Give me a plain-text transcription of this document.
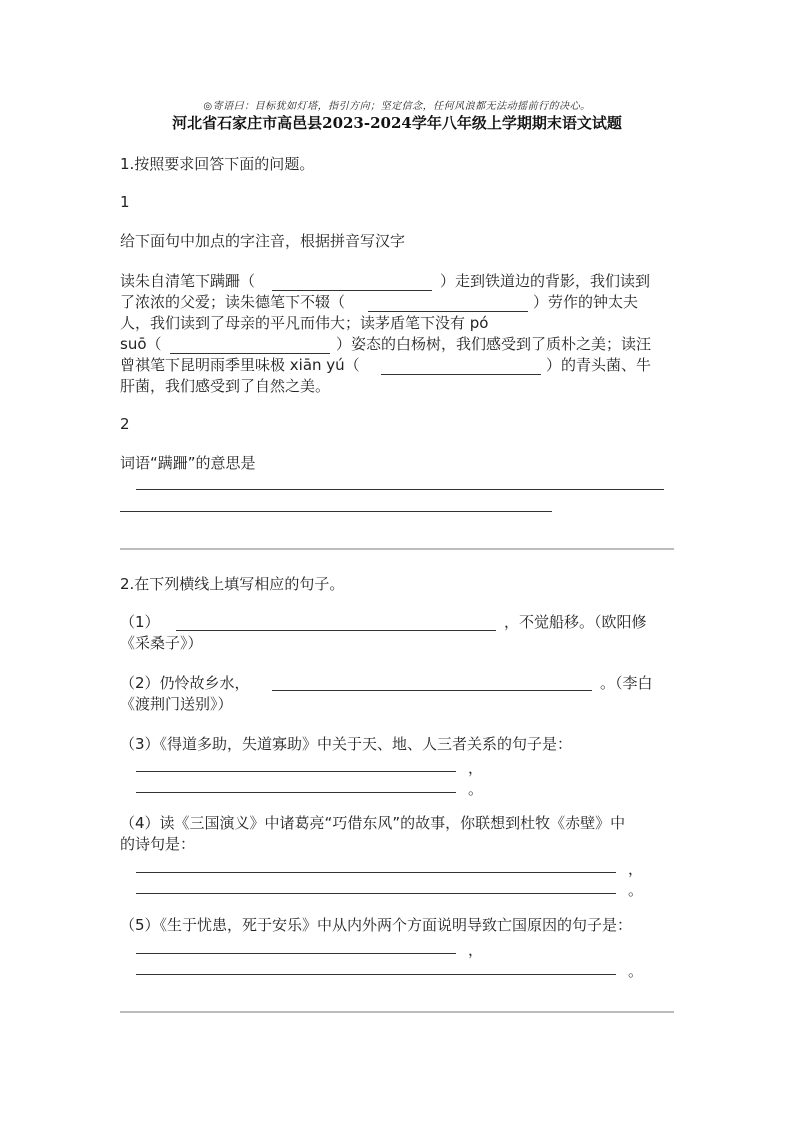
◎寄语曰：目标犹如灯塔，指引方向；坚定信念，任何风浪都无法动摇前行的决心。
河北省石家庄市高邑县2023-2024学年八年级上学期期末语文试题
1.按照要求回答下面的问题。
1
给下面句中加点的字注音，根据拼音写汉字
读朱自清笔下蹒跚（	）走到铁道边的背影，我们读到
了浓浓的父爱；读朱德笔下不辍（	）劳作的钟太夫
人，我们读到了母亲的平凡而伟大；读茅盾笔下没有 pó
suō（	）姿态的白杨树，我们感受到了质朴之美；读汪
曾祺笔下昆明雨季里味极 xiān yú（	）的青头菌、牛
肝菌，我们感受到了自然之美。
2
词语“蹒跚”的意思是
2.在下列横线上填写相应的句子。
（1）	，不觉船移。（欧阳修
《采桑子》）
（2）仍怜故乡水，	。（李白
《渡荆门送别》）
（3）《得道多助，失道寡助》中关于天、地、人三者关系的句子是：
，
。
（4）读《三国演义》中诸葛亮“巧借东风”的故事，你联想到杜牧《赤壁》中
的诗句是：
，
。
（5）《生于忧患，死于安乐》中从内外两个方面说明导致亡国原因的句子是：
，
。
